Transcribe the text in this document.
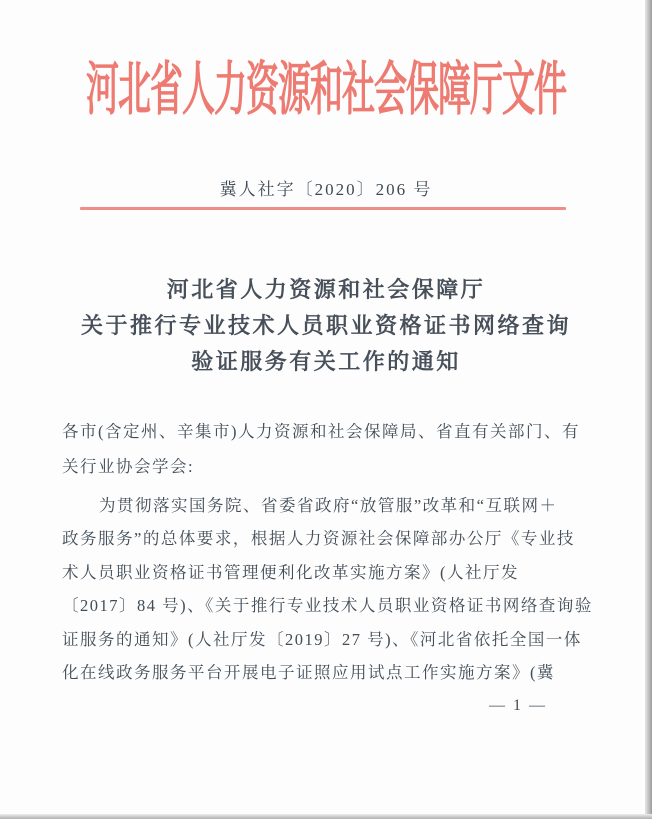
河北省人力资源和社会保障厅文件
冀人社字〔2020〕206 号
河北省人力资源和社会保障厅
关于推行专业技术人员职业资格证书网络查询
验证服务有关工作的通知
各市(含定州、辛集市)人力资源和社会保障局、省直有关部门、有
关行业协会学会:
为贯彻落实国务院、省委省政府“放管服”改革和“互联网＋
政务服务”的总体要求，根据人力资源社会保障部办公厅《专业技
术人员职业资格证书管理便利化改革实施方案》(人社厅发
〔2017〕84 号)、《关于推行专业技术人员职业资格证书网络查询验
证服务的通知》(人社厅发〔2019〕27 号)、《河北省依托全国一体
化在线政务服务平台开展电子证照应用试点工作实施方案》(冀
— 1 —
